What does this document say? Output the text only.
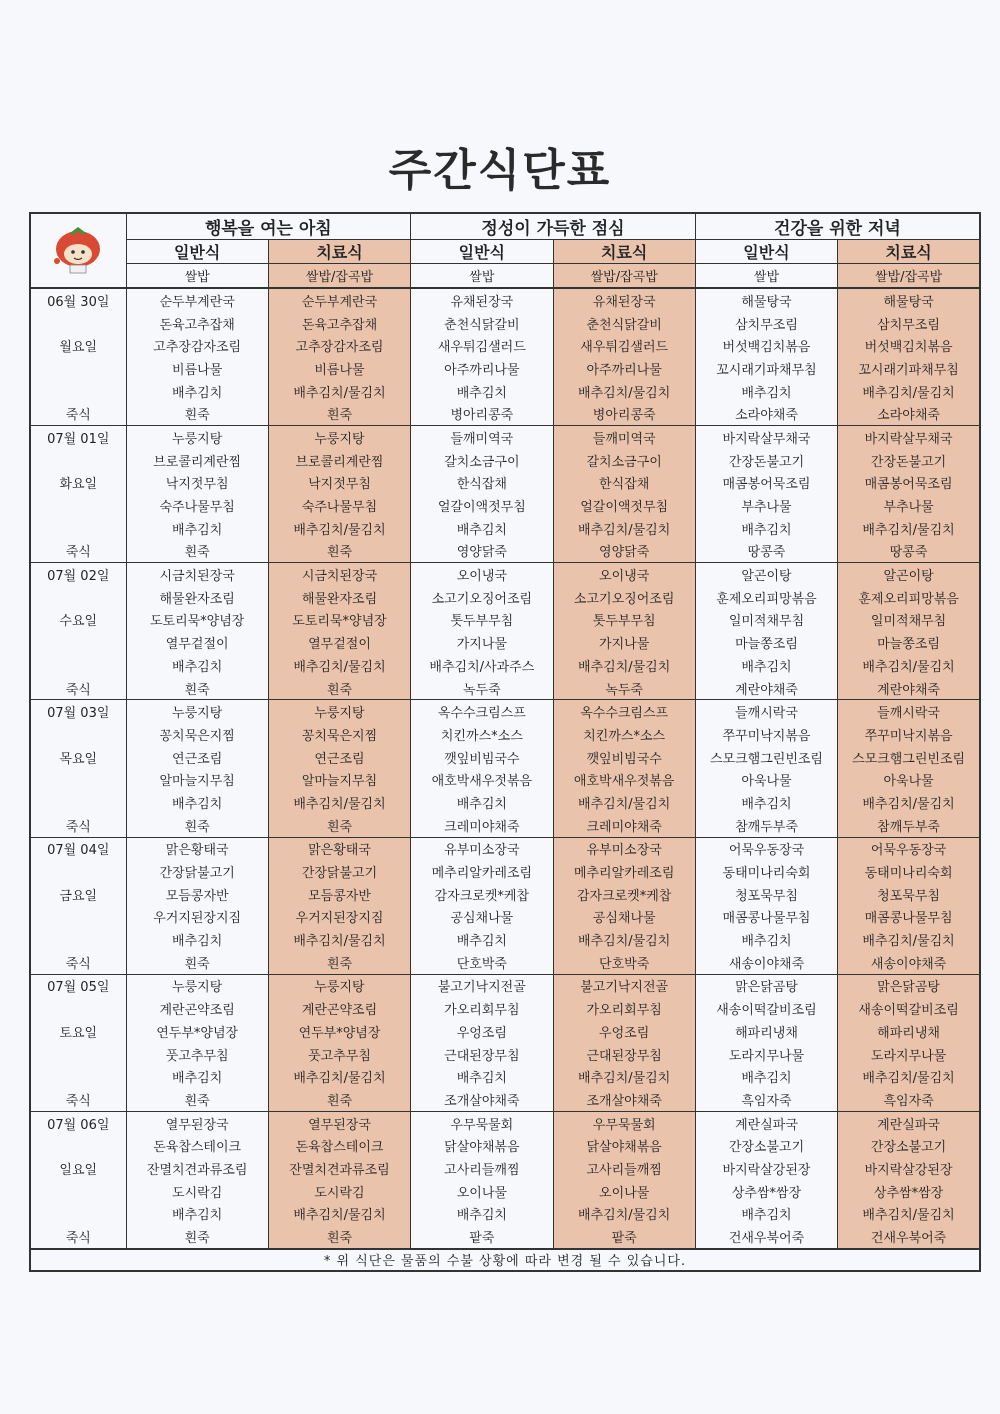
주간식단표
	행복을 여는 아침		정성이 가득한 점심		건강을 위한 저녁	
	일반식	치료식	일반식	치료식	일반식	치료식
	쌀밥	쌀밥/잡곡밥	쌀밥	쌀밥/잡곡밥	쌀밥	쌀밥/잡곡밥
06월 30일	순두부계란국	순두부계란국	유채된장국	유채된장국	해물탕국	해물탕국
	돈육고추잡채	돈육고추잡채	춘천식닭갈비	춘천식닭갈비	삼치무조림	삼치무조림
월요일	고추장감자조림	고추장감자조림	새우튀김샐러드	새우튀김샐러드	버섯백김치볶음	버섯백김치볶음
	비름나물	비름나물	아주까리나물	아주까리나물	꼬시래기파채무침	꼬시래기파채무침
	배추김치	배추김치/물김치	배추김치	배추김치/물김치	배추김치	배추김치/물김치
죽식	흰죽	흰죽	병아리콩죽	병아리콩죽	소라야채죽	소라야채죽
07월 01일	누룽지탕	누룽지탕	들깨미역국	들깨미역국	바지락살무채국	바지락살무채국
	브로콜리계란찜	브로콜리계란찜	갈치소금구이	갈치소금구이	간장돈불고기	간장돈불고기
화요일	낙지젓무침	낙지젓무침	한식잡채	한식잡채	매콤봉어묵조림	매콤봉어묵조림
	숙주나물무침	숙주나물무침	얼갈이액젓무침	얼갈이액젓무침	부추나물	부추나물
	배추김치	배추김치/물김치	배추김치	배추김치/물김치	배추김치	배추김치/물김치
죽식	흰죽	흰죽	영양닭죽	영양닭죽	땅콩죽	땅콩죽
07월 02일	시금치된장국	시금치된장국	오이냉국	오이냉국	알곤이탕	알곤이탕
	해물완자조림	해물완자조림	소고기오징어조림	소고기오징어조림	훈제오리피망볶음	훈제오리피망볶음
수요일	도토리묵*양념장	도토리묵*양념장	톳두부무침	톳두부무침	일미적채무침	일미적채무침
	열무겉절이	열무겉절이	가지나물	가지나물	마늘쫑조림	마늘쫑조림
	배추김치	배추김치/물김치	배추김치/사과주스	배추김치/물김치	배추김치	배추김치/물김치
죽식	흰죽	흰죽	녹두죽	녹두죽	계란야채죽	계란야채죽
07월 03일	누룽지탕	누룽지탕	옥수수크림스프	옥수수크림스프	들깨시락국	들깨시락국
	꽁치묵은지찜	꽁치묵은지찜	치킨까스*소스	치킨까스*소스	쭈꾸미낙지볶음	쭈꾸미낙지볶음
목요일	연근조림	연근조림	깻잎비빔국수	깻잎비빔국수	스모크햄그린빈조림	스모크햄그린빈조림
	알마늘지무침	알마늘지무침	애호박새우젓볶음	애호박새우젓볶음	아욱나물	아욱나물
	배추김치	배추김치/물김치	배추김치	배추김치/물김치	배추김치	배추김치/물김치
죽식	흰죽	흰죽	크레미야채죽	크레미야채죽	참깨두부죽	참깨두부죽
07월 04일	맑은황태국	맑은황태국	유부미소장국	유부미소장국	어묵우동장국	어묵우동장국
	간장닭불고기	간장닭불고기	메추리알카레조림	메추리알카레조림	동태미나리숙회	동태미나리숙회
금요일	모듬콩자반	모듬콩자반	감자크로켓*케찹	감자크로켓*케찹	청포묵무침	청포묵무침
	우거지된장지짐	우거지된장지짐	공심채나물	공심채나물	매콤콩나물무침	매콤콩나물무침
	배추김치	배추김치/물김치	배추김치	배추김치/물김치	배추김치	배추김치/물김치
죽식	흰죽	흰죽	단호박죽	단호박죽	새송이야채죽	새송이야채죽
07월 05일	누룽지탕	누룽지탕	불고기낙지전골	불고기낙지전골	맑은닭곰탕	맑은닭곰탕
	계란곤약조림	계란곤약조림	가오리회무침	가오리회무침	새송이떡갈비조림	새송이떡갈비조림
토요일	연두부*양념장	연두부*양념장	우엉조림	우엉조림	해파리냉채	해파리냉채
	풋고추무침	풋고추무침	근대된장무침	근대된장무침	도라지무나물	도라지무나물
	배추김치	배추김치/물김치	배추김치	배추김치/물김치	배추김치	배추김치/물김치
죽식	흰죽	흰죽	조개살야채죽	조개살야채죽	흑임자죽	흑임자죽
07월 06일	열무된장국	열무된장국	우무묵물회	우무묵물회	계란실파국	계란실파국
	돈육찹스테이크	돈육찹스테이크	닭살야채볶음	닭살야채볶음	간장소불고기	간장소불고기
일요일	잔멸치견과류조림	잔멸치견과류조림	고사리들깨찜	고사리들깨찜	바지락살강된장	바지락살강된장
	도시락김	도시락김	오이나물	오이나물	상추쌈*쌈장	상추쌈*쌈장
	배추김치	배추김치/물김치	배추김치	배추김치/물김치	배추김치	배추김치/물김치
죽식	흰죽	흰죽	팥죽	팥죽	건새우북어죽	건새우북어죽
* 위 식단은 물품의 수불 상황에 따라 변경 될 수 있습니다.						
